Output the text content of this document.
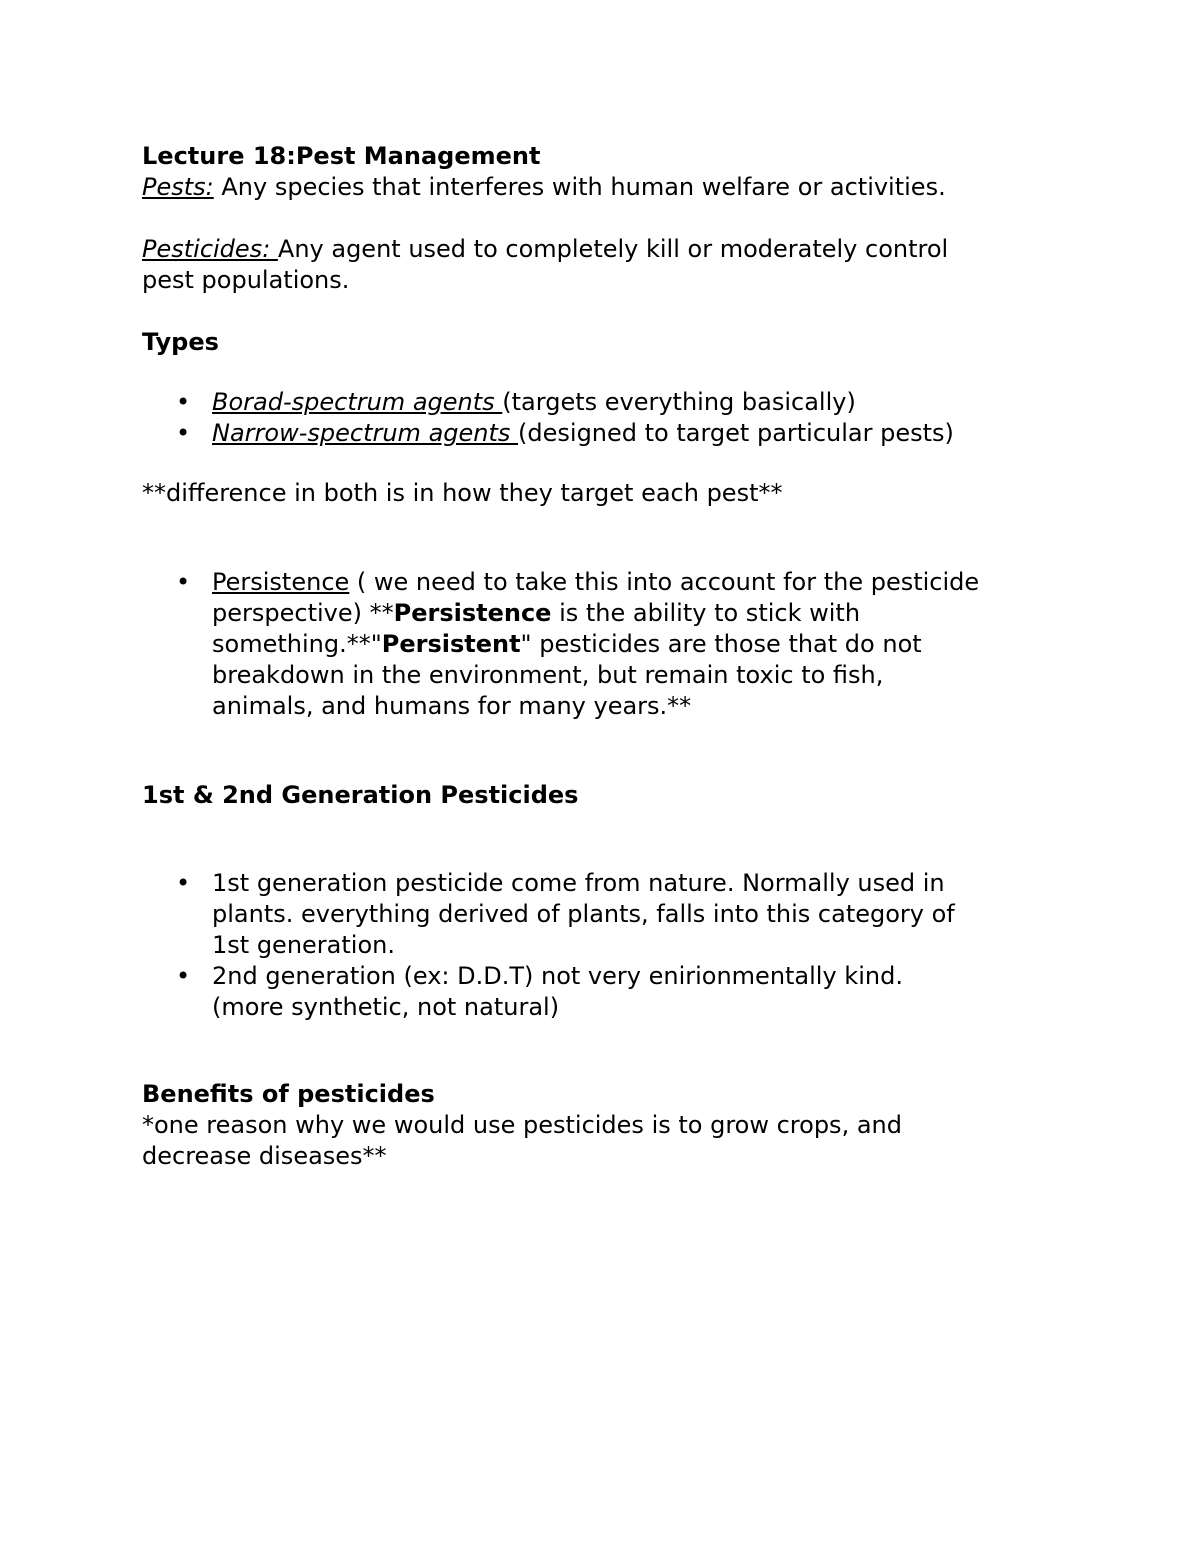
Lecture 18:Pest Management

Pests: Any species that interferes with human welfare or activities.

Pesticides: Any agent used to completely kill or moderately control

pest populations.

Types

• Borad-spectrum agents (targets everything basically)
• Narrow-spectrum agents (designed to target particular pests)

**difference in both is in how they target each pest**

• Persistence ( we need to take this into account for the pesticide
perspective) **Persistence is the ability to stick with
something.**"Persistent" pesticides are those that do not
breakdown in the environment, but remain toxic to fish,
animals, and humans for many years.**

1st & 2nd Generation Pesticides

• 1st generation pesticide come from nature. Normally used in
plants. everything derived of plants, falls into this category of
1st generation.
• 2nd generation (ex: D.D.T) not very enirionmentally kind.
(more synthetic, not natural)

Benefits of pesticides

*one reason why we would use pesticides is to grow crops, and

decrease diseases**
